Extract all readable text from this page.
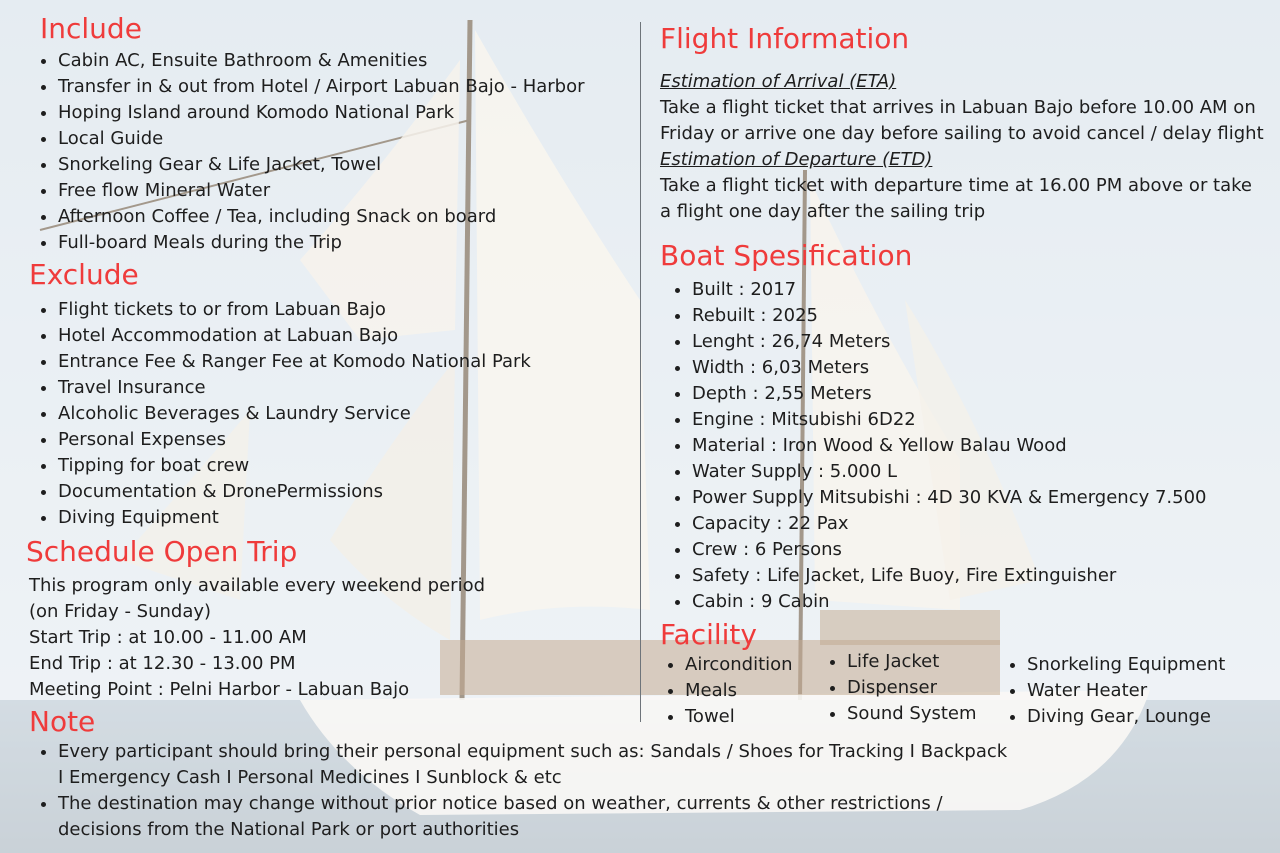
Include
• Cabin AC, Ensuite Bathroom & Amenities
• Transfer in & out from Hotel / Airport Labuan Bajo - Harbor
• Hoping Island around Komodo National Park
• Local Guide
• Snorkeling Gear & Life Jacket, Towel
• Free flow Mineral Water
• Afternoon Coffee / Tea, including Snack on board
• Full-board Meals during the Trip
Exclude
• Flight tickets to or from Labuan Bajo
• Hotel Accommodation at Labuan Bajo
• Entrance Fee & Ranger Fee at Komodo National Park
• Travel Insurance
• Alcoholic Beverages & Laundry Service
• Personal Expenses
• Tipping for boat crew
• Documentation & DronePermissions
• Diving Equipment
Schedule Open Trip
This program only available every weekend period
(on Friday - Sunday)
Start Trip : at 10.00 - 11.00 AM
End Trip : at 12.30 - 13.00 PM
Meeting Point : Pelni Harbor - Labuan Bajo
Note
• Every participant should bring their personal equipment such as: Sandals / Shoes for Tracking I Backpack I Emergency Cash I Personal Medicines I Sunblock & etc
• The destination may change without prior notice based on weather, currents & other restrictions / decisions from the National Park or port authorities
Flight Information
Estimation of Arrival (ETA)
Take a flight ticket that arrives in Labuan Bajo before 10.00 AM on
Friday or arrive one day before sailing to avoid cancel / delay flight
Estimation of Departure (ETD)
Take a flight ticket with departure time at 16.00 PM above or take
a flight one day after the sailing trip
Boat Spesification
• Built : 2017
• Rebuilt : 2025
• Lenght : 26,74 Meters
• Width : 6,03 Meters
• Depth : 2,55 Meters
• Engine : Mitsubishi 6D22
• Material : Iron Wood & Yellow Balau Wood
• Water Supply : 5.000 L
• Power Supply Mitsubishi : 4D 30 KVA & Emergency 7.500
• Capacity : 22 Pax
• Crew : 6 Persons
• Safety : Life Jacket, Life Buoy, Fire Extinguisher
• Cabin : 9 Cabin
Facility
• Aircondition
• Meals
• Towel
• Life Jacket
• Dispenser
• Sound System
• Snorkeling Equipment
• Water Heater
• Diving Gear, Lounge
